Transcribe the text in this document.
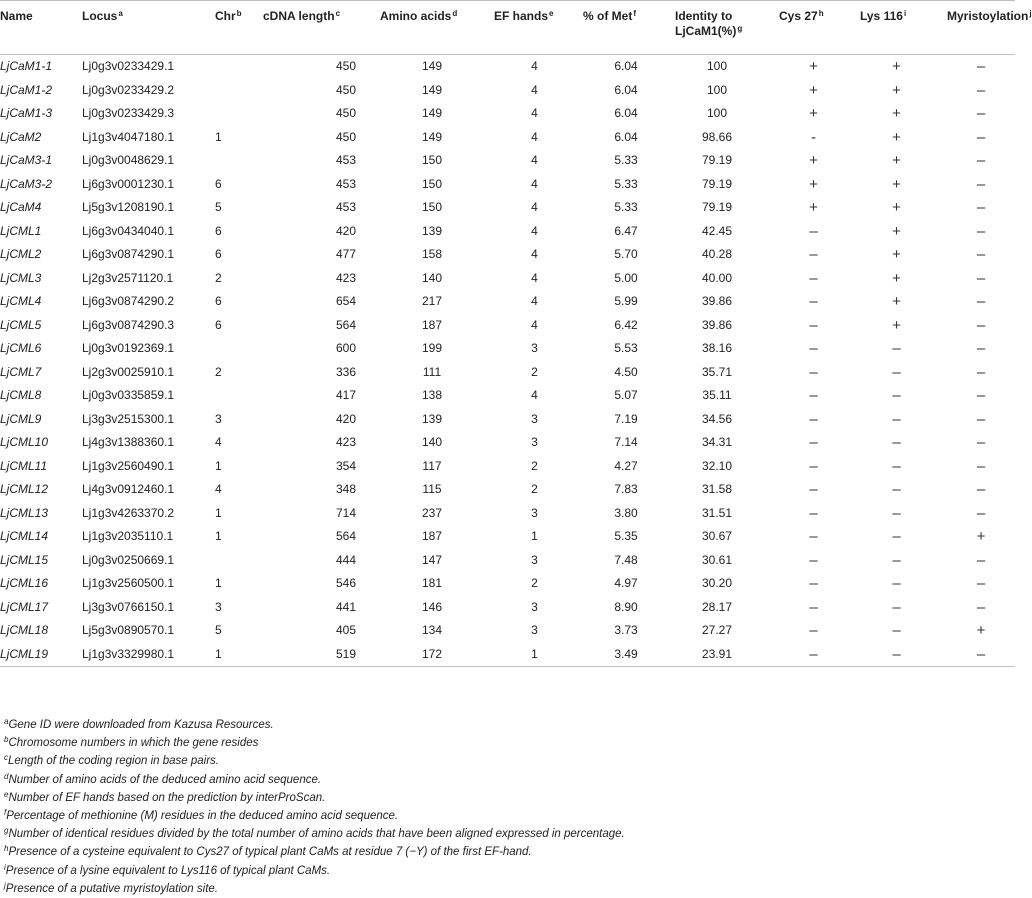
Name	Locus$^a$	Chr$^b$	cDNA length$^c$	Amino acids$^d$	EF hands$^e$	% of Met$^f$	Identity to LjCaM1(%)$^g$	Cys 27$^h$	Lys 116$^i$	Myristoylation$^j$
LjCaM1-1	Lj0g3v0233429.1		450	149	4	6.04	100	+	+	–
LjCaM1-2	Lj0g3v0233429.2		450	149	4	6.04	100	+	+	–
LjCaM1-3	Lj0g3v0233429.3		450	149	4	6.04	100	+	+	–
LjCaM2	Lj1g3v4047180.1	1	450	149	4	6.04	98.66	-	+	–
LjCaM3-1	Lj0g3v0048629.1		453	150	4	5.33	79.19	+	+	–
LjCaM3-2	Lj6g3v0001230.1	6	453	150	4	5.33	79.19	+	+	–
LjCaM4	Lj5g3v1208190.1	5	453	150	4	5.33	79.19	+	+	–
LjCML1	Lj6g3v0434040.1	6	420	139	4	6.47	42.45	–	+	–
LjCML2	Lj6g3v0874290.1	6	477	158	4	5.70	40.28	–	+	–
LjCML3	Lj2g3v2571120.1	2	423	140	4	5.00	40.00	–	+	–
LjCML4	Lj6g3v0874290.2	6	654	217	4	5.99	39.86	–	+	–
LjCML5	Lj6g3v0874290.3	6	564	187	4	6.42	39.86	–	+	–
LjCML6	Lj0g3v0192369.1		600	199	3	5.53	38.16	–	–	–
LjCML7	Lj2g3v0025910.1	2	336	111	2	4.50	35.71	–	–	–
LjCML8	Lj0g3v0335859.1		417	138	4	5.07	35.11	–	–	–
LjCML9	Lj3g3v2515300.1	3	420	139	3	7.19	34.56	–	–	–
LjCML10	Lj4g3v1388360.1	4	423	140	3	7.14	34.31	–	–	–
LjCML11	Lj1g3v2560490.1	1	354	117	2	4.27	32.10	–	–	–
LjCML12	Lj4g3v0912460.1	4	348	115	2	7.83	31.58	–	–	–
LjCML13	Lj1g3v4263370.2	1	714	237	3	3.80	31.51	–	–	–
LjCML14	Lj1g3v2035110.1	1	564	187	1	5.35	30.67	–	–	+
LjCML15	Lj0g3v0250669.1		444	147	3	7.48	30.61	–	–	–
LjCML16	Lj1g3v2560500.1	1	546	181	2	4.97	30.20	–	–	–
LjCML17	Lj3g3v0766150.1	3	441	146	3	8.90	28.17	–	–	–
LjCML18	Lj5g3v0890570.1	5	405	134	3	3.73	27.27	–	–	+
LjCML19	Lj1g3v3329980.1	1	519	172	1	3.49	23.91	–	–	–
$^a$Gene ID were downloaded from Kazusa Resources.
$^b$Chromosome numbers in which the gene resides
$^c$Length of the coding region in base pairs.
$^d$Number of amino acids of the deduced amino acid sequence.
$^e$Number of EF hands based on the prediction by interProScan.
$^f$Percentage of methionine (M) residues in the deduced amino acid sequence.
$^g$Number of identical residues divided by the total number of amino acids that have been aligned expressed in percentage.
$^h$Presence of a cysteine equivalent to Cys27 of typical plant CaMs at residue 7 (−Y) of the first EF-hand.
$^i$Presence of a lysine equivalent to Lys116 of typical plant CaMs.
$^j$Presence of a putative myristoylation site.
